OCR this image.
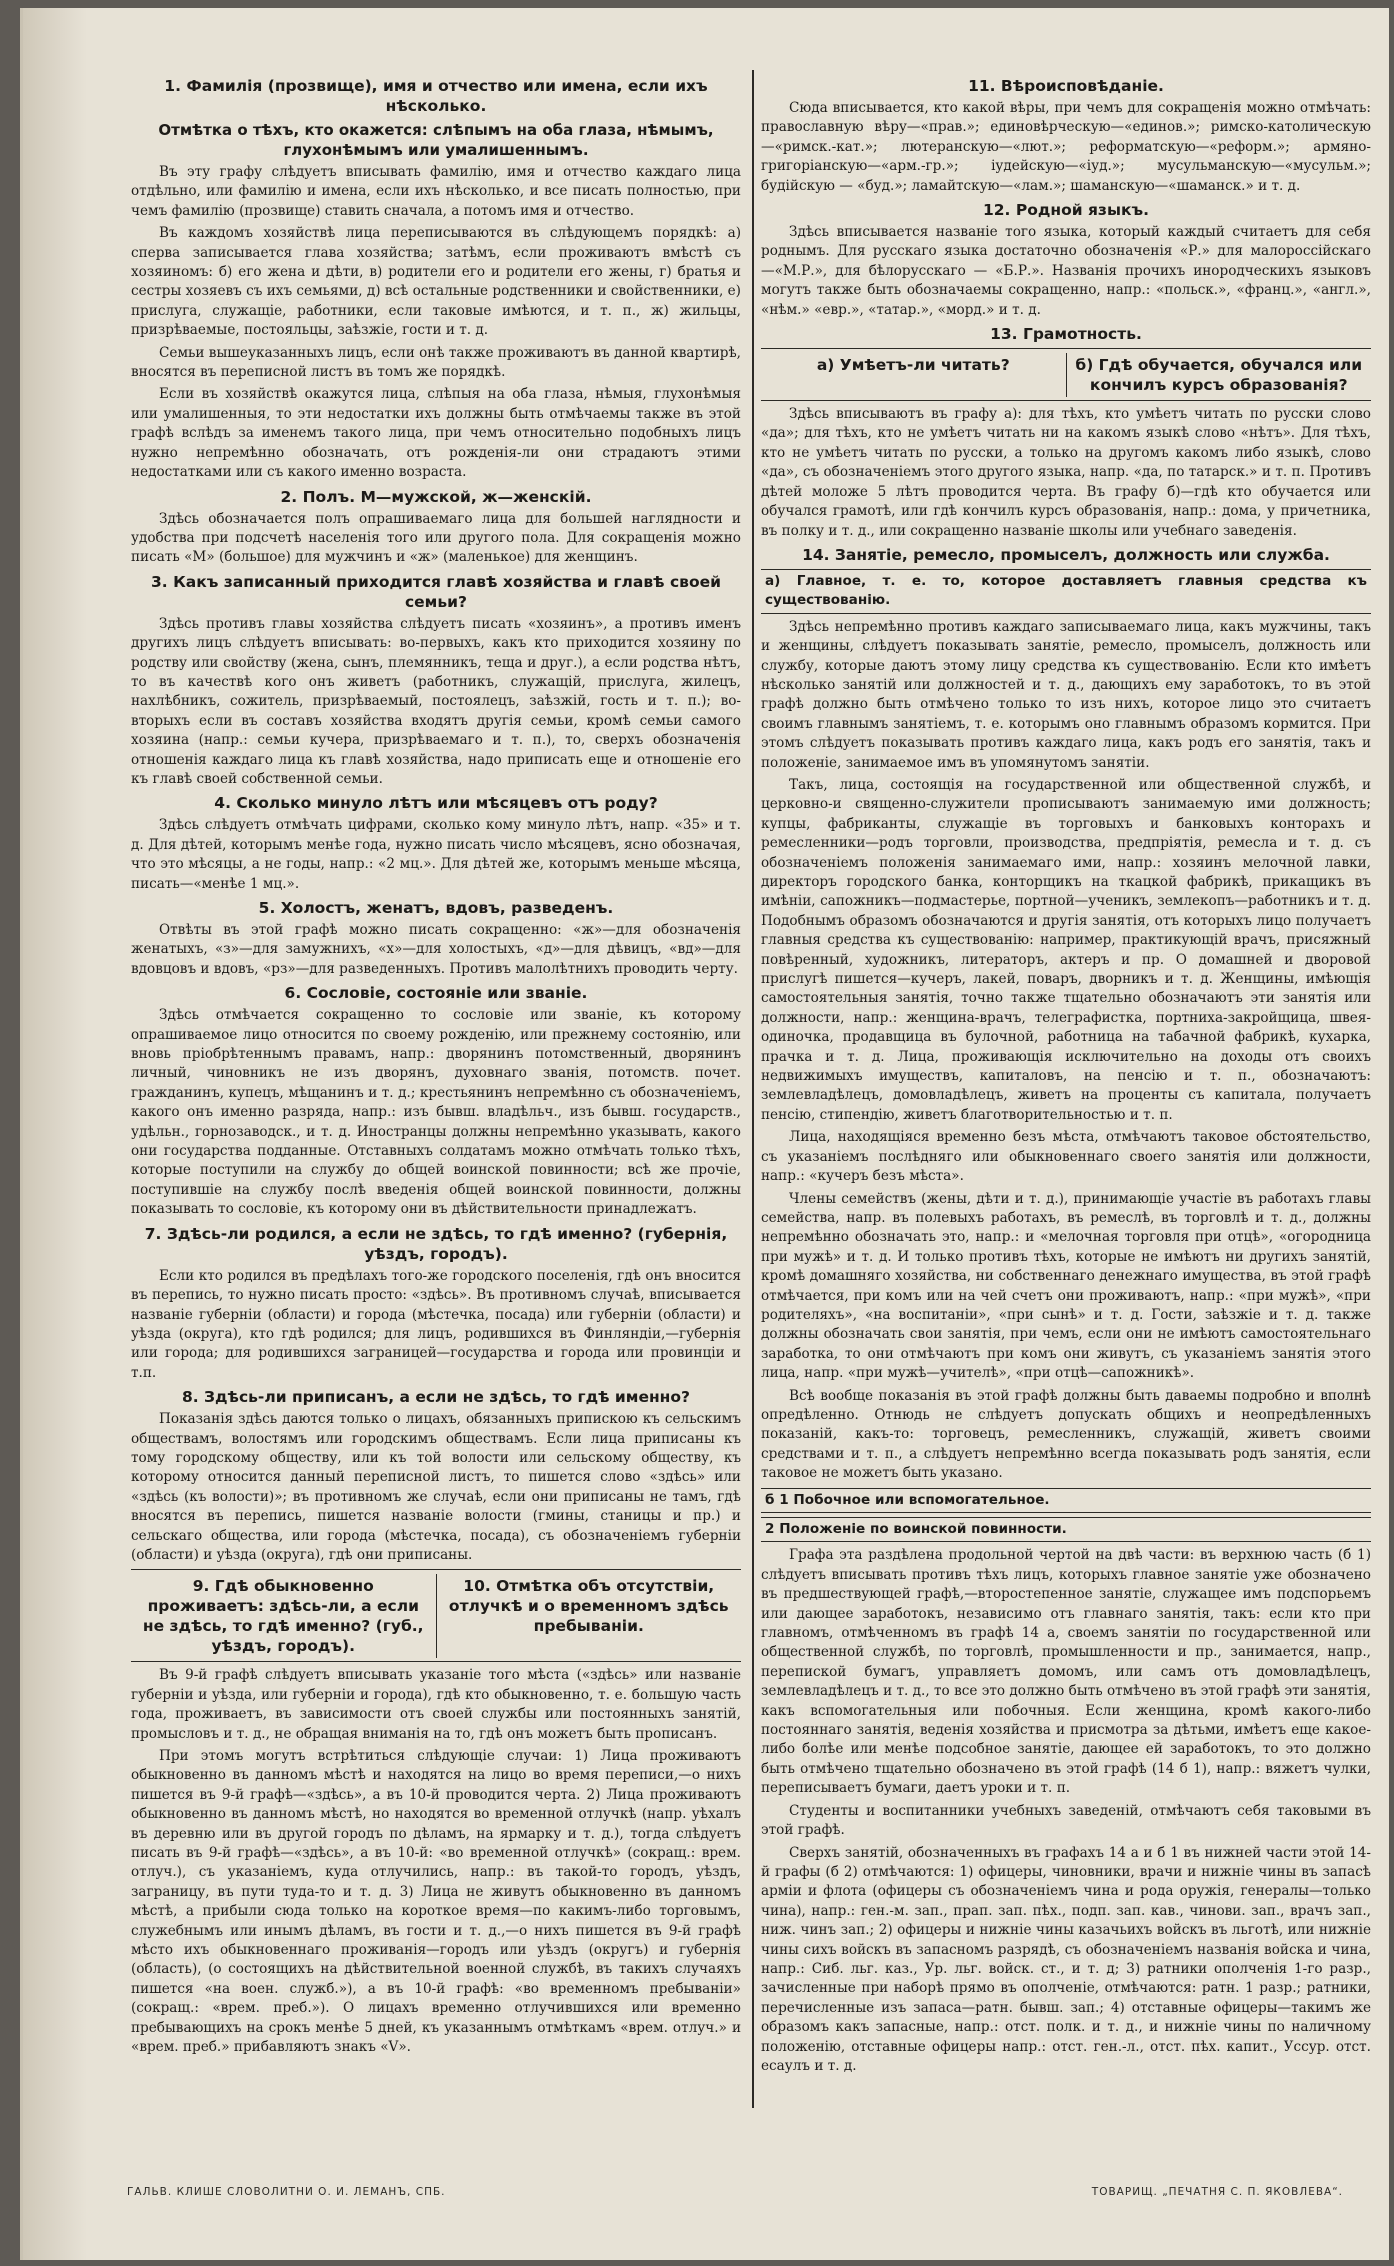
1. Фамилія (прозвище), имя и отчество или имена, если ихъ нѣсколько.
Отмѣтка о тѣхъ, кто окажется: слѣпымъ на оба глаза, нѣмымъ, глухонѣмымъ или умалишеннымъ.

Въ эту графу слѣдуетъ вписывать фамилію, имя и отчество каждаго лица отдѣльно, или фамилію и имена, если ихъ нѣсколько, и все писать полностью, при чемъ фамилію (прозвище) ставить сначала, а потомъ имя и отчество.

Въ каждомъ хозяйствѣ лица переписываются въ слѣдующемъ порядкѣ: а) сперва записывается глава хозяйства; затѣмъ, если проживаютъ вмѣстѣ съ хозяиномъ: б) его жена и дѣти, в) родители его и родители его жены, г) братья и сестры хозяевъ съ ихъ семьями, д) всѣ остальные родственники и свойственники, е) прислуга, служащіе, работники, если таковые имѣются, и т. п., ж) жильцы, призрѣваемые, постояльцы, заѣзжіе, гости и т. д.

Семьи вышеуказанныхъ лицъ, если онѣ также проживаютъ въ данной квартирѣ, вносятся въ переписной листъ въ томъ же порядкѣ.

Если въ хозяйствѣ окажутся лица, слѣпыя на оба глаза, нѣмыя, глухонѣмыя или умалишенныя, то эти недостатки ихъ должны быть отмѣчаемы также въ этой графѣ вслѣдъ за именемъ такого лица, при чемъ относительно подобныхъ лицъ нужно непремѣнно обозначать, отъ рожденія-ли они страдаютъ этими недостатками или съ какого именно возраста.

2. Полъ. М—мужской, ж—женскій.

Здѣсь обозначается полъ опрашиваемаго лица для большей наглядности и удобства при подсчетѣ населенія того или другого пола. Для сокращенія можно писать «М» (большое) для мужчинъ и «ж» (маленькое) для женщинъ.

3. Какъ записанный приходится главѣ хозяйства и главѣ своей семьи?

Здѣсь противъ главы хозяйства слѣдуетъ писать «хозяинъ», а противъ именъ другихъ лицъ слѣдуетъ вписывать: во-первыхъ, какъ кто приходится хозяину по родству или свойству (жена, сынъ, племянникъ, теща и друг.), а если родства нѣтъ, то въ качествѣ кого онъ живетъ (работникъ, служащій, прислуга, жилецъ, нахлѣбникъ, сожитель, призрѣваемый, постоялецъ, заѣзжій, гость и т. п.); во-вторыхъ если въ составъ хозяйства входятъ другія семьи, кромѣ семьи самого хозяина (напр.: семьи кучера, призрѣваемаго и т. п.), то, сверхъ обозначенія отношенія каждаго лица къ главѣ хозяйства, надо приписать еще и отношеніе его къ главѣ своей собственной семьи.

4. Сколько минуло лѣтъ или мѣсяцевъ отъ роду?

Здѣсь слѣдуетъ отмѣчать цифрами, сколько кому минуло лѣтъ, напр. «35» и т. д. Для дѣтей, которымъ менѣе года, нужно писать число мѣсяцевъ, ясно обозначая, что это мѣсяцы, а не годы, напр.: «2 мц.». Для дѣтей же, которымъ меньше мѣсяца, писать—«менѣе 1 мц.».

5. Холостъ, женатъ, вдовъ, разведенъ.

Отвѣты въ этой графѣ можно писать сокращенно: «ж»—для обозначенія женатыхъ, «з»—для замужнихъ, «х»—для холостыхъ, «д»—для дѣвицъ, «вд»—для вдовцовъ и вдовъ, «рз»—для разведенныхъ. Противъ малолѣтнихъ проводить черту.

6. Сословіе, состояніе или званіе.

Здѣсь отмѣчается сокращенно то сословіе или званіе, къ которому опрашиваемое лицо относится по своему рожденію, или прежнему состоянію, или вновь пріобрѣтеннымъ правамъ, напр.: дворянинъ потомственный, дворянинъ личный, чиновникъ не изъ дворянъ, духовнаго званія, потомств. почет. гражданинъ, купецъ, мѣщанинъ и т. д.; крестьянинъ непремѣнно съ обозначеніемъ, какого онъ именно разряда, напр.: изъ бывш. владѣльч., изъ бывш. государств., удѣльн., горнозаводск., и т. д. Иностранцы должны непремѣнно указывать, какого они государства подданные. Отставныхъ солдатамъ можно отмѣчать только тѣхъ, которые поступили на службу до общей воинской повинности; всѣ же прочіе, поступившіе на службу послѣ введенія общей воинской повинности, должны показывать то сословіе, къ которому они въ дѣйствительности принадлежатъ.

7. Здѣсь-ли родился, а если не здѣсь, то гдѣ именно? (губернія, уѣздъ, городъ).

Если кто родился въ предѣлахъ того-же городского поселенія, гдѣ онъ вносится въ перепись, то нужно писать просто: «здѣсь». Въ противномъ случаѣ, вписывается названіе губерніи (области) и города (мѣстечка, посада) или губерніи (области) и уѣзда (округа), кто гдѣ родился; для лицъ, родившихся въ Финляндіи,—губернія или города; для родившихся заграницей—государства и города или провинціи и т.п.

8. Здѣсь-ли приписанъ, а если не здѣсь, то гдѣ именно?

Показанія здѣсь даются только о лицахъ, обязанныхъ припискою къ сельскимъ обществамъ, волостямъ или городскимъ обществамъ. Если лица приписаны къ тому городскому обществу, или къ той волости или сельскому обществу, къ которому относится данный переписной листъ, то пишется слово «здѣсь» или «здѣсь (къ волости)»; въ противномъ же случаѣ, если они приписаны не тамъ, гдѣ вносятся въ перепись, пишется названіе волости (гмины, станицы и пр.) и сельскаго общества, или города (мѣстечка, посада), съ обозначеніемъ губерніи (области) и уѣзда (округа), гдѣ они приписаны.

9. Гдѣ обыкновенно проживаетъ: здѣсь-ли, а если не здѣсь, то гдѣ именно? (губ., уѣздъ, городъ).
10. Отмѣтка объ отсутствіи, отлучкѣ и о временномъ здѣсь пребываніи.

Въ 9-й графѣ слѣдуетъ вписывать указаніе того мѣста («здѣсь» или названіе губерніи и уѣзда, или губерніи и города), гдѣ кто обыкновенно, т. е. большую часть года, проживаетъ, въ зависимости отъ своей службы или постоянныхъ занятій, промысловъ и т. д., не обращая вниманія на то, гдѣ онъ можетъ быть прописанъ.

При этомъ могутъ встрѣтиться слѣдующіе случаи: 1) Лица проживаютъ обыкновенно въ данномъ мѣстѣ и находятся на лицо во время переписи,—о нихъ пишется въ 9-й графѣ—«здѣсь», а въ 10-й проводится черта. 2) Лица проживаютъ обыкновенно въ данномъ мѣстѣ, но находятся во временной отлучкѣ (напр. уѣхалъ въ деревню или въ другой городъ по дѣламъ, на ярмарку и т. д.), тогда слѣдуетъ писать въ 9-й графѣ—«здѣсь», а въ 10-й: «во временной отлучкѣ» (сокращ.: врем. отлуч.), съ указаніемъ, куда отлучились, напр.: въ такой-то городъ, уѣздъ, заграницу, въ пути туда-то и т. д. 3) Лица не живутъ обыкновенно въ данномъ мѣстѣ, а прибыли сюда только на короткое время—по какимъ-либо торговымъ, служебнымъ или инымъ дѣламъ, въ гости и т. д.,—о нихъ пишется въ 9-й графѣ мѣсто ихъ обыкновеннаго проживанія—городъ или уѣздъ (округъ) и губернія (область), (о состоящихъ на дѣйствительной военной службѣ, въ такихъ случаяхъ пишется «на воен. служб.»), а въ 10-й графѣ: «во временномъ пребываніи» (сокращ.: «врем. преб.»). О лицахъ временно отлучившихся или временно пребывающихъ на срокъ менѣе 5 дней, къ указаннымъ отмѣткамъ «врем. отлуч.» и «врем. преб.» прибавляютъ знакъ «V».

11. Вѣроисповѣданіе.

Сюда вписывается, кто какой вѣры, при чемъ для сокращенія можно отмѣчать: православную вѣру—«прав.»; единовѣрческую—«единов.»; римско-католическую—«римск.-кат.»; лютеранскую—«лют.»; реформатскую—«реформ.»; армяно-григоріанскую—«арм.-гр.»; іудейскую—«іуд.»; мусульманскую—«мусульм.»; будійскую — «буд.»; ламайтскую—«лам.»; шаманскую—«шаманск.» и т. д.

12. Родной языкъ.

Здѣсь вписывается названіе того языка, который каждый считаетъ для себя роднымъ. Для русскаго языка достаточно обозначенія «Р.» для малороссійскаго—«М.Р.», для бѣлорусскаго — «Б.Р.». Названія прочихъ инородческихъ языковъ могутъ также быть обозначаемы сокращенно, напр.: «польск.», «франц.», «англ.», «нѣм.» «евр.», «татар.», «морд.» и т. д.

13. Грамотность.
а) Умѣетъ-ли читать?	б) Гдѣ обучается, обучался или кончилъ курсъ образованія?

Здѣсь вписываютъ въ графу а): для тѣхъ, кто умѣетъ читать по русски слово «да»; для тѣхъ, кто не умѣетъ читать ни на какомъ языкѣ слово «нѣтъ». Для тѣхъ, кто не умѣетъ читать по русски, а только на другомъ какомъ либо языкѣ, слово «да», съ обозначеніемъ этого другого языка, напр. «да, по татарск.» и т. п. Противъ дѣтей моложе 5 лѣтъ проводится черта. Въ графу б)—гдѣ кто обучается или обучался грамотѣ, или гдѣ кончилъ курсъ образованія, напр.: дома, у причетника, въ полку и т. д., или сокращенно названіе школы или учебнаго заведенія.

14. Занятіе, ремесло, промыселъ, должность или служба.
а) Главное, т. е. то, которое доставляетъ главныя средства къ существованію.

Здѣсь непремѣнно противъ каждаго записываемаго лица, какъ мужчины, такъ и женщины, слѣдуетъ показывать занятіе, ремесло, промыселъ, должность или службу, которые даютъ этому лицу средства къ существованію. Если кто имѣетъ нѣсколько занятій или должностей и т. д., дающихъ ему заработокъ, то въ этой графѣ должно быть отмѣчено только то изъ нихъ, которое лицо это считаетъ своимъ главнымъ занятіемъ, т. е. которымъ оно главнымъ образомъ кормится. При этомъ слѣдуетъ показывать противъ каждаго лица, какъ родъ его занятія, такъ и положеніе, занимаемое имъ въ упомянутомъ занятіи.

Такъ, лица, состоящія на государственной или общественной службѣ, и церковно-и священно-служители прописываютъ занимаемую ими должность; купцы, фабриканты, служащіе въ торговыхъ и банковыхъ конторахъ и ремесленники—родъ торговли, производства, предпріятія, ремесла и т. д. съ обозначеніемъ положенія занимаемаго ими, напр.: хозяинъ мелочной лавки, директоръ городского банка, конторщикъ на ткацкой фабрикѣ, прикащикъ въ имѣніи, сапожникъ—подмастерье, портной—ученикъ, землекопъ—работникъ и т. д. Подобнымъ образомъ обозначаются и другія занятія, отъ которыхъ лицо получаетъ главныя средства къ существованію: например, практикующій врачъ, присяжный повѣренный, художникъ, литераторъ, актеръ и пр. О домашней и дворовой прислугѣ пишется—кучеръ, лакей, поваръ, дворникъ и т. д. Женщины, имѣющія самостоятельныя занятія, точно также тщательно обозначаютъ эти занятія или должности, напр.: женщина-врачъ, телеграфистка, портниха-закройщица, швея-одиночка, продавщица въ булочной, работница на табачной фабрикѣ, кухарка, прачка и т. д. Лица, проживающія исключительно на доходы отъ своихъ недвижимыхъ имуществъ, капиталовъ, на пенсію и т. п., обозначаютъ: землевладѣлецъ, домовладѣлецъ, живетъ на проценты съ капитала, получаетъ пенсію, стипендію, живетъ благотворительностью и т. п.

Лица, находящіяся временно безъ мѣста, отмѣчаютъ таковое обстоятельство, съ указаніемъ послѣдняго или обыкновеннаго своего занятія или должности, напр.: «кучеръ безъ мѣста».

Члены семействъ (жены, дѣти и т. д.), принимающіе участіе въ работахъ главы семейства, напр. въ полевыхъ работахъ, въ ремеслѣ, въ торговлѣ и т. д., должны непремѣнно обозначать это, напр.: и «мелочная торговля при отцѣ», «огородница при мужѣ» и т. д. И только противъ тѣхъ, которые не имѣютъ ни другихъ занятій, кромѣ домашняго хозяйства, ни собственнаго денежнаго имущества, въ этой графѣ отмѣчается, при комъ или на чей счетъ они проживаютъ, напр.: «при мужѣ», «при родителяхъ», «на воспитаніи», «при сынѣ» и т. д. Гости, заѣзжіе и т. д. также должны обозначать свои занятія, при чемъ, если они не имѣютъ самостоятельнаго заработка, то они отмѣчаютъ при комъ они живутъ, съ указаніемъ занятія этого лица, напр. «при мужѣ—учителѣ», «при отцѣ—сапожникѣ».

Всѣ вообще показанія въ этой графѣ должны быть даваемы подробно и вполнѣ опредѣленно. Отнюдь не слѣдуетъ допускать общихъ и неопредѣленныхъ показаній, какъ-то: торговецъ, ремесленникъ, служащій, живетъ своими средствами и т. п., а слѣдуетъ непремѣнно всегда показывать родъ занятія, если таковое не можетъ быть указано.

б 1 Побочное или вспомогательное.
2 Положеніе по воинской повинности.

Графа эта раздѣлена продольной чертой на двѣ части: въ верхнюю часть (б 1) слѣдуетъ вписывать противъ тѣхъ лицъ, которыхъ главное занятіе уже обозначено въ предшествующей графѣ,—второстепенное занятіе, служащее имъ подспорьемъ или дающее заработокъ, независимо отъ главнаго занятія, такъ: если кто при главномъ, отмѣченномъ въ графѣ 14 а, своемъ занятіи по государственной или общественной службѣ, по торговлѣ, промышленности и пр., занимается, напр., перепиской бумагъ, управляетъ домомъ, или самъ отъ домовладѣлецъ, землевладѣлецъ и т. д., то все это должно быть отмѣчено въ этой графѣ эти занятія, какъ вспомогательныя или побочныя. Если женщина, кромѣ какого-либо постояннаго занятія, веденія хозяйства и присмотра за дѣтьми, имѣетъ еще какое-либо болѣе или менѣе подсобное занятіе, дающее ей заработокъ, то это должно быть отмѣчено тщательно обозначено въ этой графѣ (14 б 1), напр.: вяжетъ чулки, переписываетъ бумаги, даетъ уроки и т. п.

Студенты и воспитанники учебныхъ заведеній, отмѣчаютъ себя таковыми въ этой графѣ.

Сверхъ занятій, обозначенныхъ въ графахъ 14 а и б 1 въ нижней части этой 14-й графы (б 2) отмѣчаются: 1) офицеры, чиновники, врачи и нижніе чины въ запасѣ арміи и флота (офицеры съ обозначеніемъ чина и рода оружія, генералы—только чина), напр.: ген.-м. зап., прап. зап. пѣх., подп. зап. кав., чинови. зап., врачъ зап., ниж. чинъ зап.; 2) офицеры и нижніе чины казачьихъ войскъ въ льготѣ, или нижніе чины сихъ войскъ въ запасномъ разрядѣ, съ обозначеніемъ названія войска и чина, напр.: Сиб. льг. каз., Ур. льг. войск. ст., и т. д; 3) ратники ополченія 1-го разр., зачисленные при наборѣ прямо въ ополченіе, отмѣчаются: ратн. 1 разр.; ратники, перечисленные изъ запаса—ратн. бывш. зап.; 4) отставные офицеры—такимъ же образомъ какъ запасные, напр.: отст. полк. и т. д., и нижніе чины по наличному положенію, отставные офицеры напр.: отст. ген.-л., отст. пѣх. капит., Уссур. отст. есаулъ и т. д.

ГАЛЬВ. КЛИШЕ СЛОВОЛИТНИ О. И. ЛЕМАНЪ, СПБ.	ТОВАРИЩ. „ПЕЧАТНЯ С. П. ЯКОВЛЕВА“.
